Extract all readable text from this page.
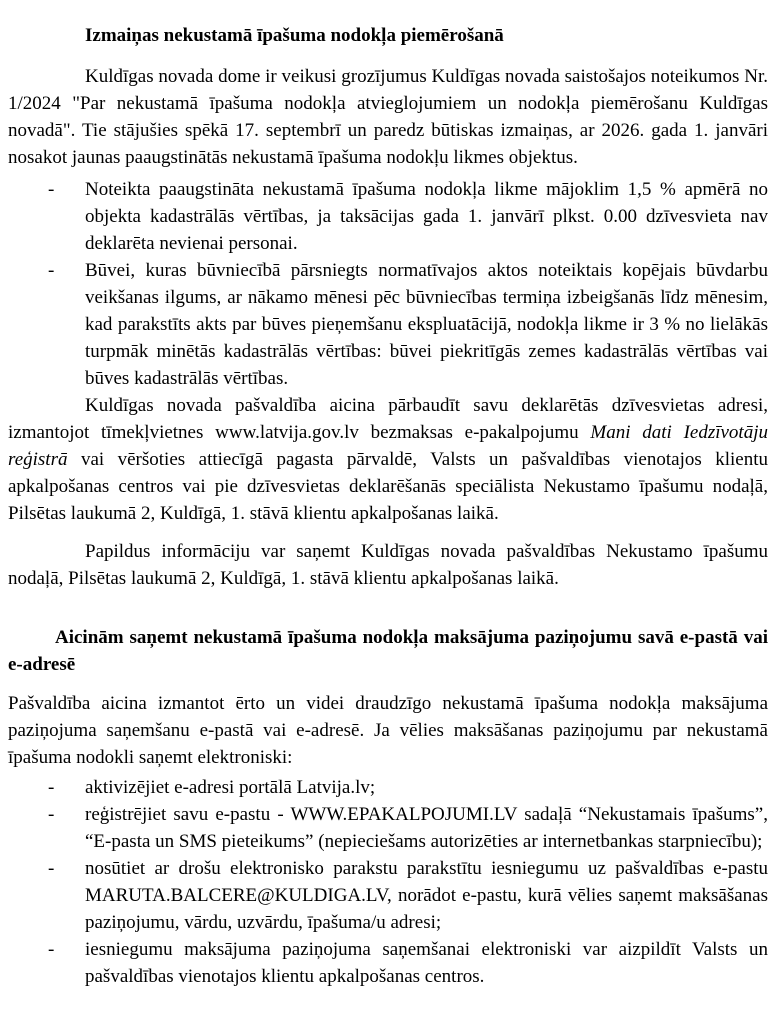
Izmaiņas nekustamā īpašuma nodokļa piemērošanā

Kuldīgas novada dome ir veikusi grozījumus Kuldīgas novada saistošajos noteikumos Nr. 1/2024 "Par nekustamā īpašuma nodokļa atvieglojumiem un nodokļa piemērošanu Kuldīgas novadā". Tie stājušies spēkā 17. septembrī un paredz būtiskas izmaiņas, ar 2026. gada 1. janvāri nosakot jaunas paaugstinātās nekustamā īpašuma nodokļu likmes objektus.

- Noteikta paaugstināta nekustamā īpašuma nodokļa likme mājoklim 1,5 % apmērā no objekta kadastrālās vērtības, ja taksācijas gada 1. janvārī plkst. 0.00 dzīvesvieta nav deklarēta nevienai personai.
- Būvei, kuras būvniecībā pārsniegts normatīvajos aktos noteiktais kopējais būvdarbu veikšanas ilgums, ar nākamo mēnesi pēc būvniecības termiņa izbeigšanās līdz mēnesim, kad parakstīts akts par būves pieņemšanu ekspluatācijā, nodokļa likme ir 3 % no lielākās turpmāk minētās kadastrālās vērtības: būvei piekritīgās zemes kadastrālās vērtības vai būves kadastrālās vērtības.

Kuldīgas novada pašvaldība aicina pārbaudīt savu deklarētās dzīvesvietas adresi, izmantojot tīmekļvietnes www.latvija.gov.lv bezmaksas e-pakalpojumu Mani dati Iedzīvotāju reģistrā vai vēršoties attiecīgā pagasta pārvaldē, Valsts un pašvaldības vienotajos klientu apkalpošanas centros vai pie dzīvesvietas deklarēšanās speciālista Nekustamo īpašumu nodaļā, Pilsētas laukumā 2, Kuldīgā, 1. stāvā klientu apkalpošanas laikā.

Papildus informāciju var saņemt Kuldīgas novada pašvaldības Nekustamo īpašumu nodaļā, Pilsētas laukumā 2, Kuldīgā, 1. stāvā klientu apkalpošanas laikā.

Aicinām saņemt nekustamā īpašuma nodokļa maksājuma paziņojumu savā e-pastā vai e-adresē

Pašvaldība aicina izmantot ērto un videi draudzīgo nekustamā īpašuma nodokļa maksājuma paziņojuma saņemšanu e-pastā vai e-adresē. Ja vēlies maksāšanas paziņojumu par nekustamā īpašuma nodokli saņemt elektroniski:

- aktivizējiet e-adresi portālā Latvija.lv;
- reģistrējiet savu e-pastu - WWW.EPAKALPOJUMI.LV sadaļā “Nekustamais īpašums”, “E-pasta un SMS pieteikums” (nepieciešams autorizēties ar internetbankas starpniecību);
- nosūtiet ar drošu elektronisko parakstu parakstītu iesniegumu uz pašvaldības e-pastu MARUTA.BALCERE@KULDIGA.LV, norādot e-pastu, kurā vēlies saņemt maksāšanas paziņojumu, vārdu, uzvārdu, īpašuma/u adresi;
- iesniegumu maksājuma paziņojuma saņemšanai elektroniski var aizpildīt Valsts un pašvaldības vienotajos klientu apkalpošanas centros.
